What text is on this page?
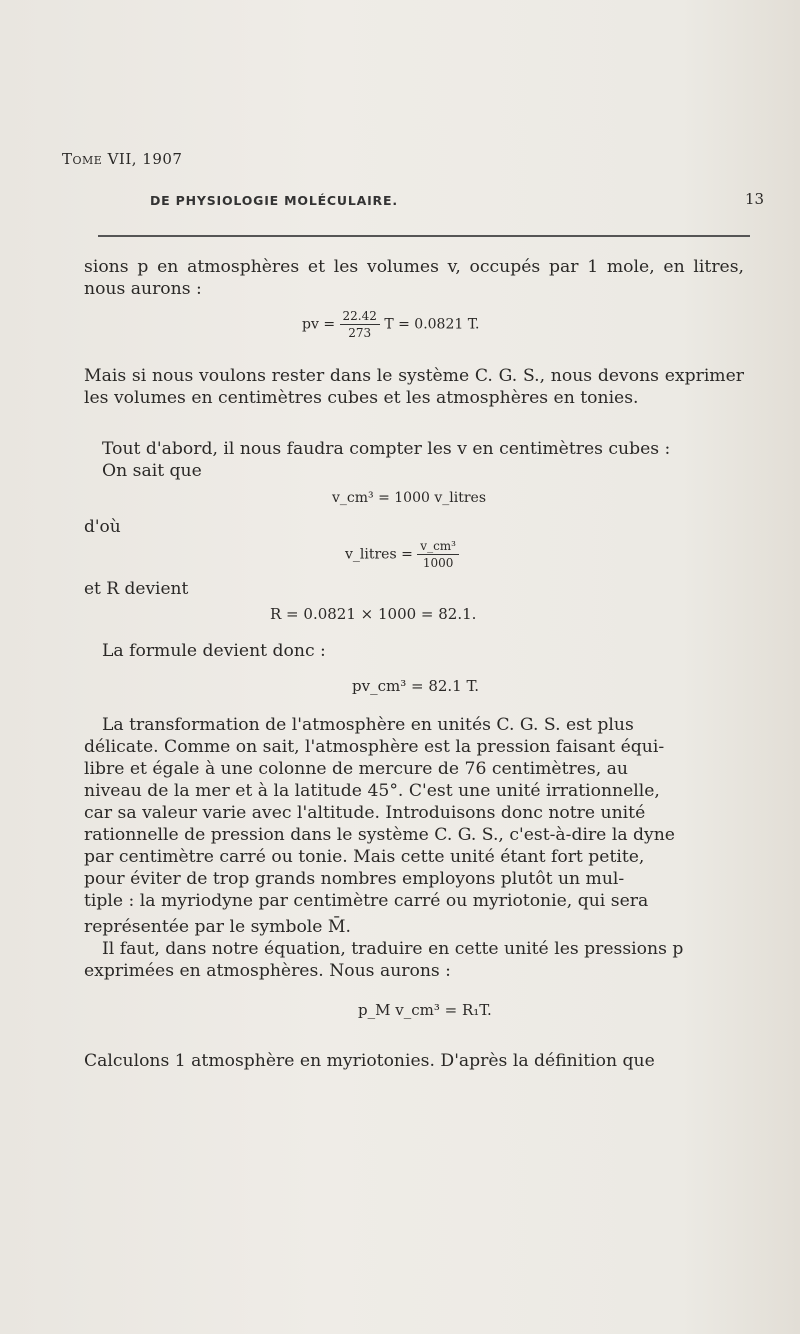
Tome VII, 1907
DE PHYSIOLOGIE MOLÉCULAIRE.	13
sions p en atmosphères et les volumes v, occupés par 1 mole, en litres, nous aurons :
pv = $\frac{22.42}{273}$ T = 0.0821 T.
Mais si nous voulons rester dans le système C. G. S., nous devons exprimer les volumes en centimètres cubes et les atmosphères en tonies.
Tout d'abord, il nous faudra compter les v en centimètres cubes :
On sait que
v_cm³ = 1000 v_litres
d'où
v_litres = $\frac{\text{v\_cm³}}{1000}$
et R devient
R = 0.0821 × 1000 = 82.1.
La formule devient donc :
pv_cm³ = 82.1 T.
La transformation de l'atmosphère en unités C. G. S. est plus
délicate. Comme on sait, l'atmosphère est la pression faisant équi-
libre et égale à une colonne de mercure de 76 centimètres, au
niveau de la mer et à la latitude 45°. C'est une unité irrationnelle,
car sa valeur varie avec l'altitude. Introduisons donc notre unité
rationnelle de pression dans le système C. G. S., c'est-à-dire la dyne
par centimètre carré ou tonie. Mais cette unité étant fort petite,
pour éviter de trop grands nombres employons plutôt un mul-
tiple : la myriodyne par centimètre carré ou myriotonie, qui sera
représentée par le symbole M̄.
Il faut, dans notre équation, traduire en cette unité les pressions p
exprimées en atmosphères. Nous aurons :
p_M v_cm³ = R₁T.
Calculons 1 atmosphère en myriotonies. D'après la définition que
